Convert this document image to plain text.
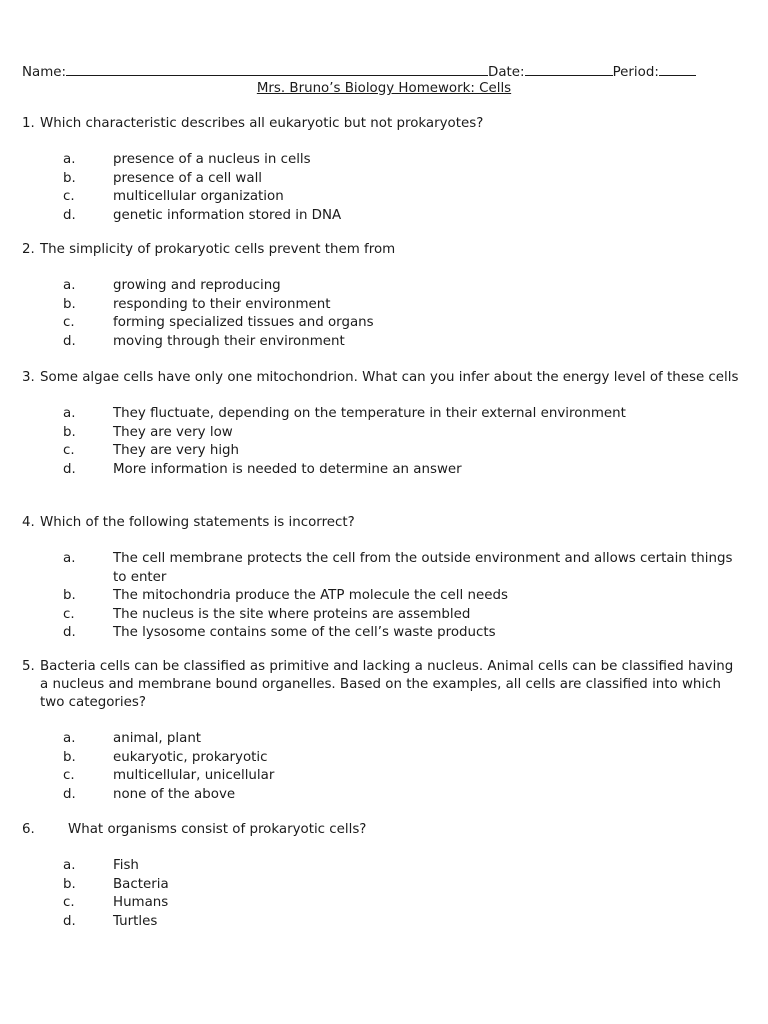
Name:	Date:	Period:
Mrs. Bruno’s Biology Homework: Cells
1. Which characteristic describes all eukaryotic but not prokaryotes?
a.	presence of a nucleus in cells
b.	presence of a cell wall
c.	multicellular organization
d.	genetic information stored in DNA
2. The simplicity of prokaryotic cells prevent them from
a.	growing and reproducing
b.	responding to their environment
c.	forming specialized tissues and organs
d.	moving through their environment
3. Some algae cells have only one mitochondrion. What can you infer about the energy level of these cells
a.	They fluctuate, depending on the temperature in their external environment
b.	They are very low
c.	They are very high
d.	More information is needed to determine an answer
4. Which of the following statements is incorrect?
a.	The cell membrane protects the cell from the outside environment and allows certain things to enter
b.	The mitochondria produce the ATP molecule the cell needs
c.	The nucleus is the site where proteins are assembled
d.	The lysosome contains some of the cell’s waste products
5. Bacteria cells can be classified as primitive and lacking a nucleus. Animal cells can be classified having a nucleus and membrane bound organelles. Based on the examples, all cells are classified into which two categories?
a.	animal, plant
b.	eukaryotic, prokaryotic
c.	multicellular, unicellular
d.	none of the above
6. What organisms consist of prokaryotic cells?
a.	Fish
b.	Bacteria
c.	Humans
d.	Turtles
